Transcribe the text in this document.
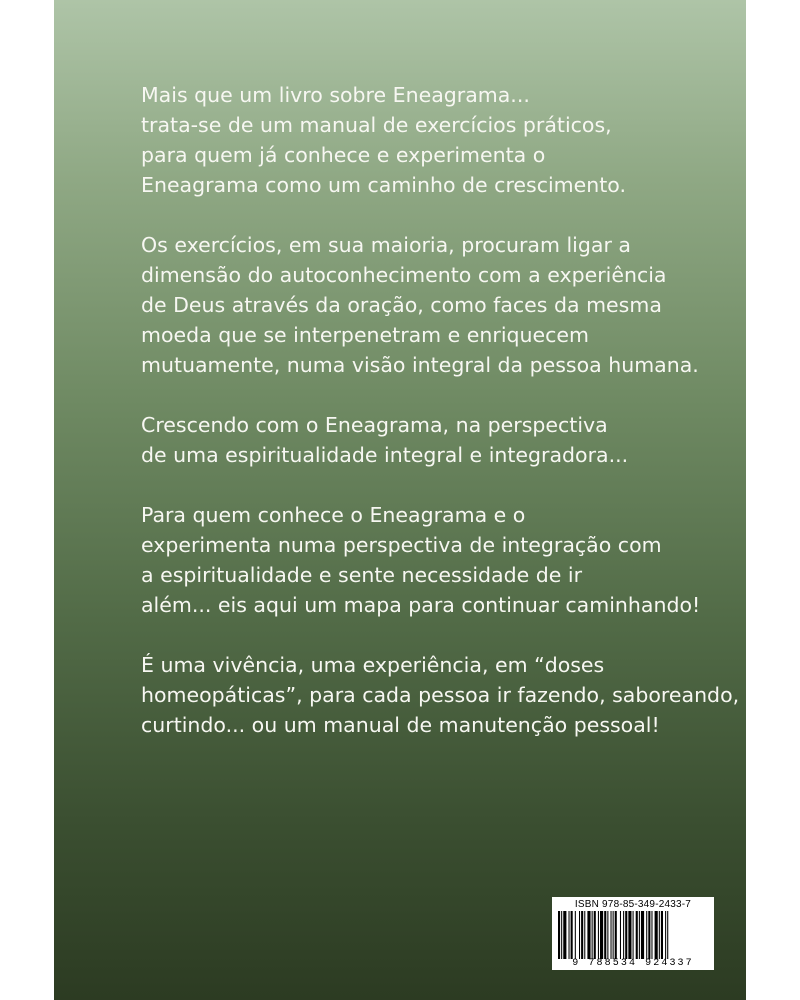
Mais que um livro sobre Eneagrama...
trata-se de um manual de exercícios práticos,
para quem já conhece e experimenta o
Eneagrama como um caminho de crescimento.
Os exercícios, em sua maioria, procuram ligar a
dimensão do autoconhecimento com a experiência
de Deus através da oração, como faces da mesma
moeda que se interpenetram e enriquecem
mutuamente, numa visão integral da pessoa humana.
Crescendo com o Eneagrama, na perspectiva
de uma espiritualidade integral e integradora...
Para quem conhece o Eneagrama e o
experimenta numa perspectiva de integração com
a espiritualidade e sente necessidade de ir
além... eis aqui um mapa para continuar caminhando!
É uma vivência, uma experiência, em “doses
homeopáticas”, para cada pessoa ir fazendo, saboreando,
curtindo... ou um manual de manutenção pessoal!
ISBN 978-85-349-2433-7
9 788534 924337
